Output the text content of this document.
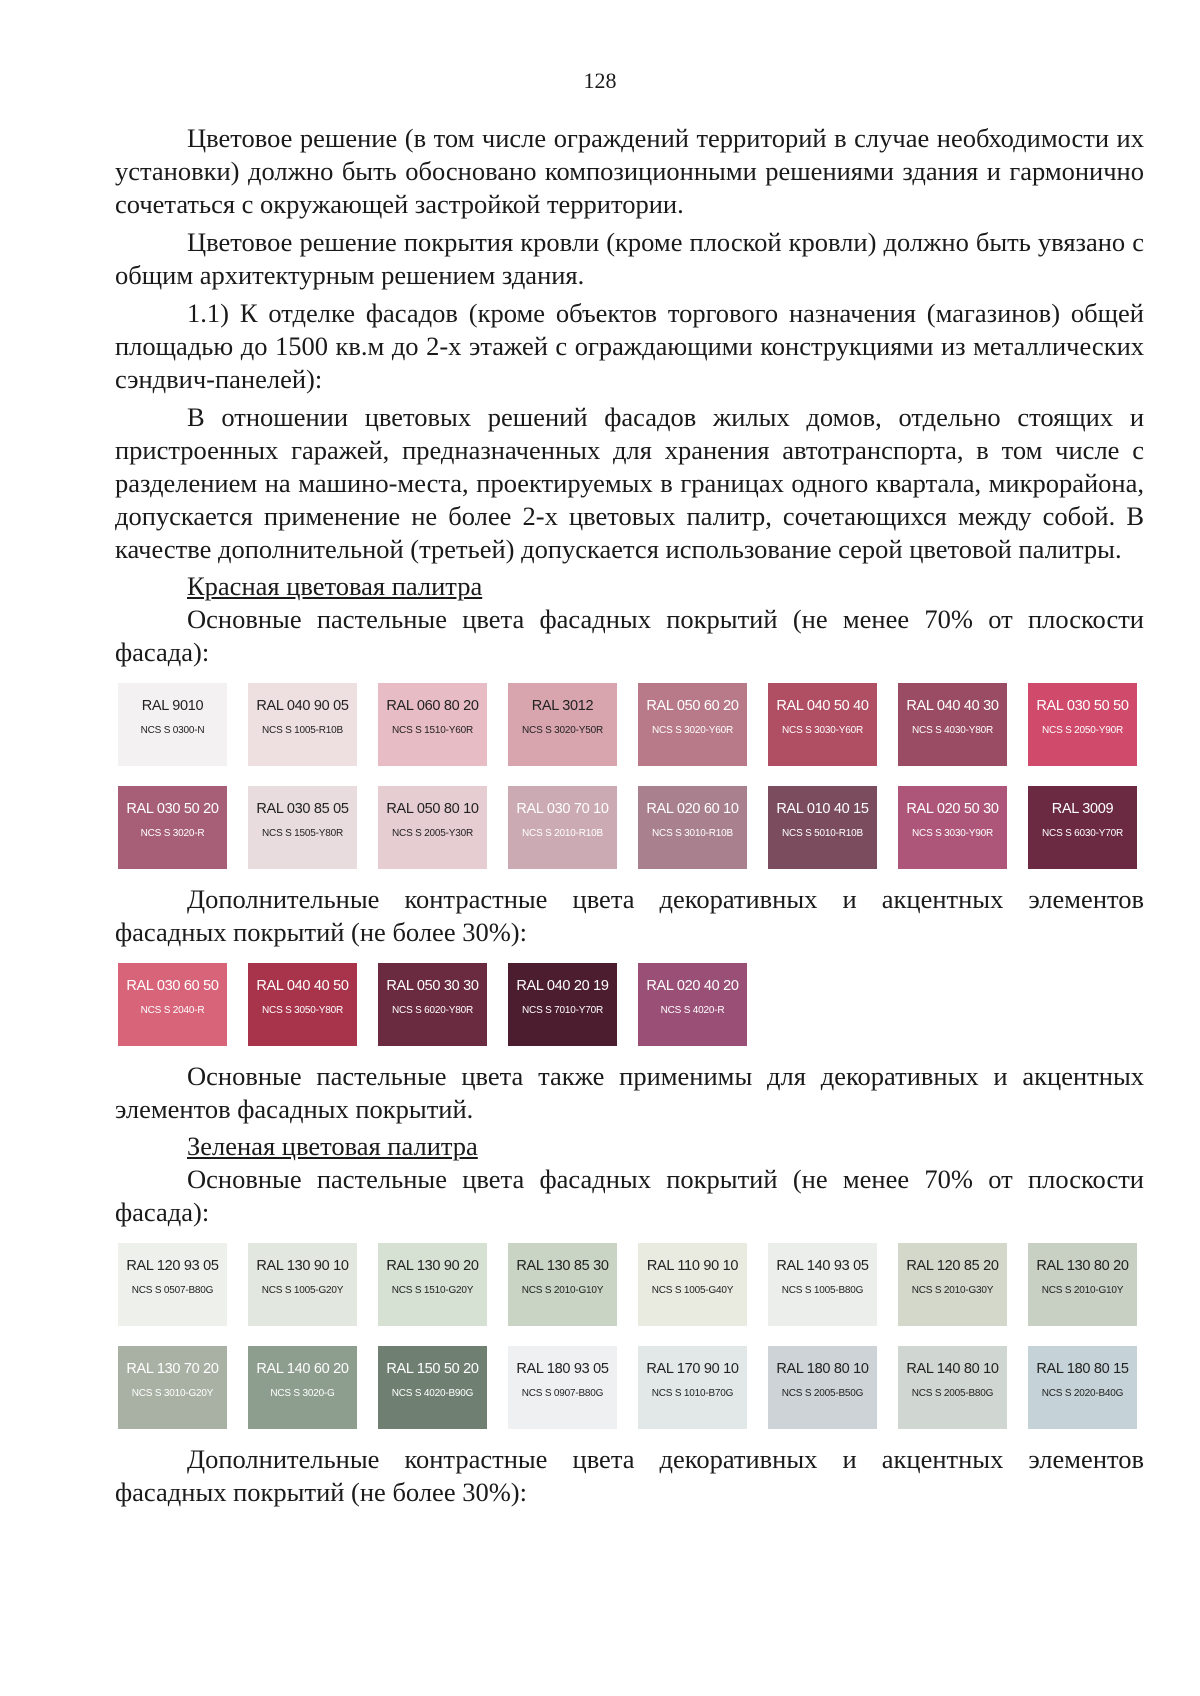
128

Цветовое решение (в том числе ограждений территорий в случае необходимости их установки) должно быть обосновано композиционными решениями здания и гармонично сочетаться с окружающей застройкой территории.

Цветовое решение покрытия кровли (кроме плоской кровли) должно быть увязано с общим архитектурным решением здания.

1.1) К отделке фасадов (кроме объектов торгового назначения (магазинов) общей площадью до 1500 кв.м до 2-х этажей с ограждающими конструкциями из металлических сэндвич-панелей):

В отношении цветовых решений фасадов жилых домов, отдельно стоящих и пристроенных гаражей, предназначенных для хранения автотранспорта, в том числе с разделением на машино-места, проектируемых в границах одного квартала, микрорайона, допускается применение не более 2-х цветовых палитр, сочетающихся между собой. В качестве дополнительной (третьей) допускается использование серой цветовой палитры.

Красная цветовая палитра

Основные пастельные цвета фасадных покрытий (не менее 70% от плоскости фасада):

RAL 9010
NCS S 0300-N
RAL 040 90 05
NCS S 1005-R10B
RAL 060 80 20
NCS S 1510-Y60R
RAL 3012
NCS S 3020-Y50R
RAL 050 60 20
NCS S 3020-Y60R
RAL 040 50 40
NCS S 3030-Y60R
RAL 040 40 30
NCS S 4030-Y80R
RAL 030 50 50
NCS S 2050-Y90R
RAL 030 50 20
NCS S 3020-R
RAL 030 85 05
NCS S 1505-Y80R
RAL 050 80 10
NCS S 2005-Y30R
RAL 030 70 10
NCS S 2010-R10B
RAL 020 60 10
NCS S 3010-R10B
RAL 010 40 15
NCS S 5010-R10B
RAL 020 50 30
NCS S 3030-Y90R
RAL 3009
NCS S 6030-Y70R

Дополнительные контрастные цвета декоративных и акцентных элементов фасадных покрытий (не более 30%):

RAL 030 60 50
NCS S 2040-R
RAL 040 40 50
NCS S 3050-Y80R
RAL 050 30 30
NCS S 6020-Y80R
RAL 040 20 19
NCS S 7010-Y70R
RAL 020 40 20
NCS S 4020-R

Основные пастельные цвета также применимы для декоративных и акцентных элементов фасадных покрытий.

Зеленая цветовая палитра

Основные пастельные цвета фасадных покрытий (не менее 70% от плоскости фасада):

RAL 120 93 05
NCS S 0507-B80G
RAL 130 90 10
NCS S 1005-G20Y
RAL 130 90 20
NCS S 1510-G20Y
RAL 130 85 30
NCS S 2010-G10Y
RAL 110 90 10
NCS S 1005-G40Y
RAL 140 93 05
NCS S 1005-B80G
RAL 120 85 20
NCS S 2010-G30Y
RAL 130 80 20
NCS S 2010-G10Y
RAL 130 70 20
NCS S 3010-G20Y
RAL 140 60 20
NCS S 3020-G
RAL 150 50 20
NCS S 4020-B90G
RAL 180 93 05
NCS S 0907-B80G
RAL 170 90 10
NCS S 1010-B70G
RAL 180 80 10
NCS S 2005-B50G
RAL 140 80 10
NCS S 2005-B80G
RAL 180 80 15
NCS S 2020-B40G

Дополнительные контрастные цвета декоративных и акцентных элементов фасадных покрытий (не более 30%):
